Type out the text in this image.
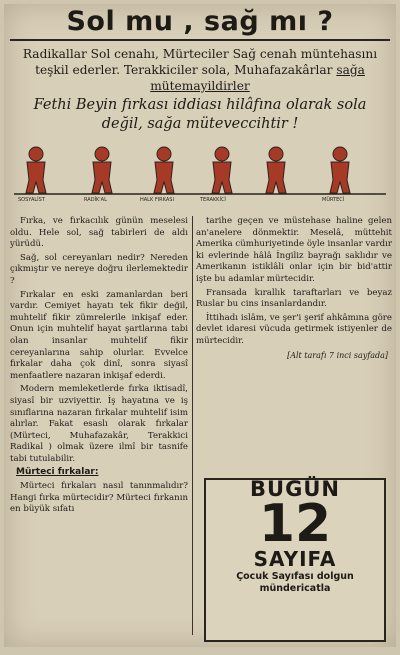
Sol mu , sağ mı ?
Radikallar Sol cenahı, Mürteciler Sağ cenah müntehasını teşkil ederler. Terakkiciler sola, Muhafazakârlar sağa mütemayildirler
Fethi Beyin fırkası iddiası hilâfına olarak sola değil, sağa müteveccihtir !
SOSYALİST	RADİK'AL	HALK FIRKASI	TERAKKİCİ	MÜRTECİ

Fırka, ve fırkacılık günün meselesi oldu. Hele sol, sağ tabirleri de aldı yürüdü.

Sağ, sol cereyanları nedir? Nereden çıkmıştır ve nereye doğru ilerlemektedir ?

Fırkalar en eski zamanlardan beri vardır. Cemiyet hayatı tek fikir değil, muhtelif fikir zümrelerile inkişaf eder. Onun için muhtelif hayat şartlarına tabi olan insanlar muhtelif fikir cereyanlarına sahip olurlar. Evvelce fırkalar daha çok dinî, sonra siyasî menfaatlere nazaran inkişaf ederdi.

Modern memleketlerde fırka iktisadî, siyasî bir uzviyettir. İş hayatına ve iş sınıflarına nazaran fırkalar muhtelif isim alırlar. Fakat esaslı olarak fırkalar (Mürteci, Muhafazakâr, Terakkici Radikal ) olmak üzere ilmî bir tasnife tabi tutulabilir.

Mürteci fırkalar:

Mürteci fırkaları nasıl tanınmalıdır? Hangi fırka mürtecidir? Mürteci fırkanın en büyük sıfatı

tarihe geçen ve müstehase haline gelen an'anelere dönmektir. Meselâ, müttehit Amerika cümhuriyetinde öyle insanlar vardır ki evlerinde hâlâ İngiliz bayrağı saklıdır ve Amerikanın istiklâli onlar için bir bid'attir işte bu adamlar mürtecidir.

Fransada kırallık taraftarları ve beyaz Ruslar bu cins insanlardandır.

İttihadı islâm, ve şer'i şerif ahkâmına göre devlet idaresi vücuda getirmek istiyenler de mürtecidir.

[Alt tarafı 7 inci sayfada]
BUGÜN
12
SAYIFA
Çocuk Sayıfası dolgun mündericatla
